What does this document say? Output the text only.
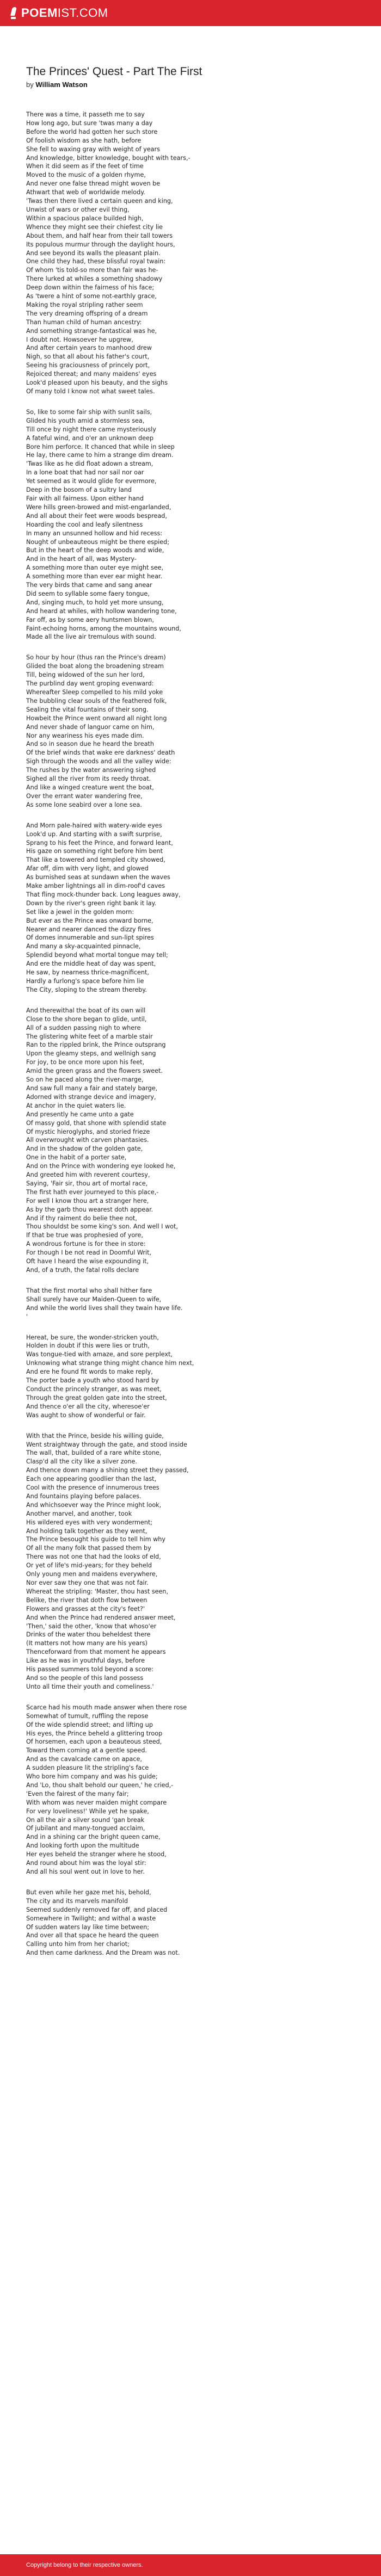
POEM IST.COM
The Princes' Quest - Part The First
by William Watson
There was a time, it passeth me to say
How long ago, but sure 'twas many a day
Before the world had gotten her such store
Of foolish wisdom as she hath, before
She fell to waxing gray with weight of years
And knowledge, bitter knowledge, bought with tears,-
When it did seem as if the feet of time
Moved to the music of a golden rhyme,
And never one false thread might woven be
Athwart that web of worldwide melody.
'Twas then there lived a certain queen and king,
Unwist of wars or other evil thing,
Within a spacious palace builded high,
Whence they might see their chiefest city lie
About them, and half hear from their tall towers
Its populous murmur through the daylight hours,
And see beyond its walls the pleasant plain.
One child they had, these blissful royal twain:
Of whom 'tis told-so more than fair was he-
There lurked at whiles a something shadowy
Deep down within the fairness of his face;
As 'twere a hint of some not-earthly grace,
Making the royal stripling rather seem
The very dreaming offspring of a dream
Than human child of human ancestry:
And something strange-fantastical was he,
I doubt not. Howsoever he upgrew,
And after certain years to manhood drew
Nigh, so that all about his father's court,
Seeing his graciousness of princely port,
Rejoiced thereat; and many maidens' eyes
Look'd pleased upon his beauty, and the sighs
Of many told I know not what sweet tales.
So, like to some fair ship with sunlit sails,
Glided his youth amid a stormless sea,
Till once by night there came mysteriously
A fateful wind, and o'er an unknown deep
Bore him perforce. It chanced that while in sleep
He lay, there came to him a strange dim dream.
'Twas like as he did float adown a stream,
In a lone boat that had nor sail nor oar
Yet seemed as it would glide for evermore,
Deep in the bosom of a sultry land
Fair with all fairness. Upon either hand
Were hills green-browed and mist-engarlanded,
And all about their feet were woods bespread,
Hoarding the cool and leafy silentness
In many an unsunned hollow and hid recess:
Nought of unbeauteous might be there espied;
But in the heart of the deep woods and wide,
And in the heart of all, was Mystery-
A something more than outer eye might see,
A something more than ever ear might hear.
The very birds that came and sang anear
Did seem to syllable some faery tongue,
And, singing much, to hold yet more unsung,
And heard at whiles, with hollow wandering tone,
Far off, as by some aery huntsmen blown,
Faint-echoing horns, among the mountains wound,
Made all the live air tremulous with sound.
So hour by hour (thus ran the Prince's dream)
Glided the boat along the broadening stream
Till, being widowed of the sun her lord,
The purblind day went groping evenward:
Whereafter Sleep compelled to his mild yoke
The bubbling clear souls of the feathered folk,
Sealing the vital fountains of their song.
Howbeit the Prince went onward all night long
And never shade of languor came on him,
Nor any weariness his eyes made dim.
And so in season due he heard the breath
Of the brief winds that wake ere darkness' death
Sigh through the woods and all the valley wide:
The rushes by the water answering sighed
Sighed all the river from its reedy throat.
And like a winged creature went the boat,
Over the errant water wandering free,
As some lone seabird over a lone sea.
And Morn pale-haired with watery-wide eyes
Look'd up. And starting with a swift surprise,
Sprang to his feet the Prince, and forward leant,
His gaze on something right before him bent
That like a towered and templed city showed,
Afar off, dim with very light, and glowed
As burnished seas at sundawn when the waves
Make amber lightnings all in dim-roof'd caves
That fling mock-thunder back. Long leagues away,
Down by the river's green right bank it lay.
Set like a jewel in the golden morn:
But ever as the Prince was onward borne,
Nearer and nearer danced the dizzy fires
Of domes innumerable and sun-lipt spires
And many a sky-acquainted pinnacle,
Splendid beyond what mortal tongue may tell;
And ere the middle heat of day was spent,
He saw, by nearness thrice-magnificent,
Hardly a furlong's space before him lie
The City, sloping to the stream thereby.
And therewithal the boat of its own will
Close to the shore began to glide, until,
All of a sudden passing nigh to where
The glistering white feet of a marble stair
Ran to the rippled brink, the Prince outsprang
Upon the gleamy steps, and wellnigh sang
For joy, to be once more upon his feet,
Amid the green grass and the flowers sweet.
So on he paced along the river-marge,
And saw full many a fair and stately barge,
Adorned with strange device and imagery,
At anchor in the quiet waters lie.
And presently he came unto a gate
Of massy gold, that shone with splendid state
Of mystic hieroglyphs, and storied frieze
All overwrought with carven phantasies.
And in the shadow of the golden gate,
One in the habit of a porter sate,
And on the Prince with wondering eye looked he,
And greeted him with reverent courtesy,
Saying, 'Fair sir, thou art of mortal race,
The first hath ever journeyed to this place,-
For well I know thou art a stranger here,
As by the garb thou wearest doth appear.
And if thy raiment do belie thee not,
Thou shouldst be some king's son. And well I wot,
If that be true was prophesied of yore,
A wondrous fortune is for thee in store:
For though I be not read in Doomful Writ,
Oft have I heard the wise expounding it,
And, of a truth, the fatal rolls declare
That the first mortal who shall hither fare
Shall surely have our Maiden-Queen to wife,
And while the world lives shall they twain have life.
'
Hereat, be sure, the wonder-stricken youth,
Holden in doubt if this were lies or truth,
Was tongue-tied with amaze, and sore perplext,
Unknowing what strange thing might chance him next,
And ere he found fit words to make reply,
The porter bade a youth who stood hard by
Conduct the princely stranger, as was meet,
Through the great golden gate into the street,
And thence o'er all the city, wheresoe'er
Was aught to show of wonderful or fair.
With that the Prince, beside his willing guide,
Went straightway through the gate, and stood inside
The wall, that, builded of a rare white stone,
Clasp'd all the city like a silver zone.
And thence down many a shining street they passed,
Each one appearing goodlier than the last,
Cool with the presence of innumerous trees
And fountains playing before palaces.
And whichsoever way the Prince might look,
Another marvel, and another, took
His wildered eyes with very wonderment;
And holding talk together as they went,
The Prince besought his guide to tell him why
Of all the many folk that passed them by
There was not one that had the looks of eld,
Or yet of life's mid-years; for they beheld
Only young men and maidens everywhere,
Nor ever saw they one that was not fair.
Whereat the stripling: 'Master, thou hast seen,
Belike, the river that doth flow between
Flowers and grasses at the city's feet?'
And when the Prince had rendered answer meet,
'Then,' said the other, 'know that whoso'er
Drinks of the water thou beheldest there
(It matters not how many are his years)
Thenceforward from that moment he appears
Like as he was in youthful days, before
His passed summers told beyond a score:
And so the people of this land possess
Unto all time their youth and comeliness.'
Scarce had his mouth made answer when there rose
Somewhat of tumult, ruffling the repose
Of the wide splendid street; and lifting up
His eyes, the Prince beheld a glittering troop
Of horsemen, each upon a beauteous steed,
Toward them coming at a gentle speed.
And as the cavalcade came on apace,
A sudden pleasure lit the stripling's face
Who bore him company and was his guide;
And 'Lo, thou shalt behold our queen,' he cried,-
'Even the fairest of the many fair;
With whom was never maiden might compare
For very loveliness!' While yet he spake,
On all the air a silver sound 'gan break
Of jubilant and many-tongued acclaim,
And in a shining car the bright queen came,
And looking forth upon the multitude
Her eyes beheld the stranger where he stood,
And round about him was the loyal stir:
And all his soul went out in love to her.
But even while her gaze met his, behold,
The city and its marvels manifold
Seemed suddenly removed far off, and placed
Somewhere in Twilight; and withal a waste
Of sudden waters lay like time between;
And over all that space he heard the queen
Calling unto him from her chariot;
And then came darkness. And the Dream was not.
Copyright belong to their respective owners.
